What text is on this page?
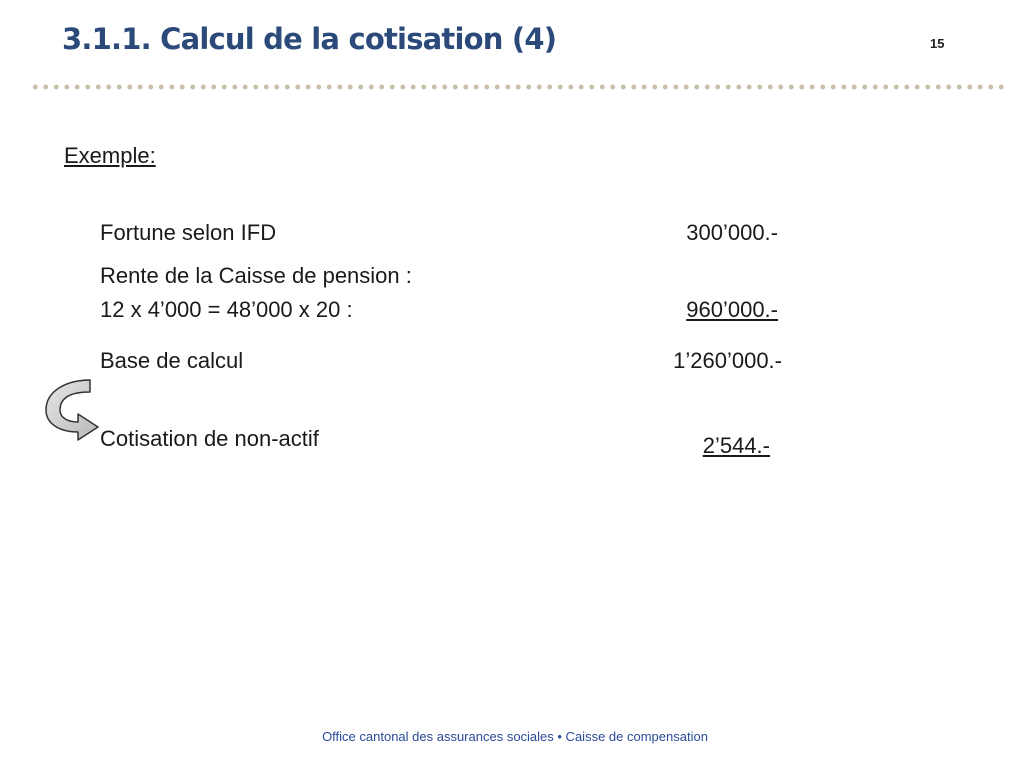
3.1.1. Calcul de la cotisation (4)	15
Exemple:
Fortune selon IFD	300’000.-
Rente de la Caisse de pension :
12 x 4’000 = 48’000 x 20 :	960’000.-
Base de calcul	1’260’000.-
Cotisation de non-actif	2’544.-
Office cantonal des assurances sociales • Caisse de compensation
